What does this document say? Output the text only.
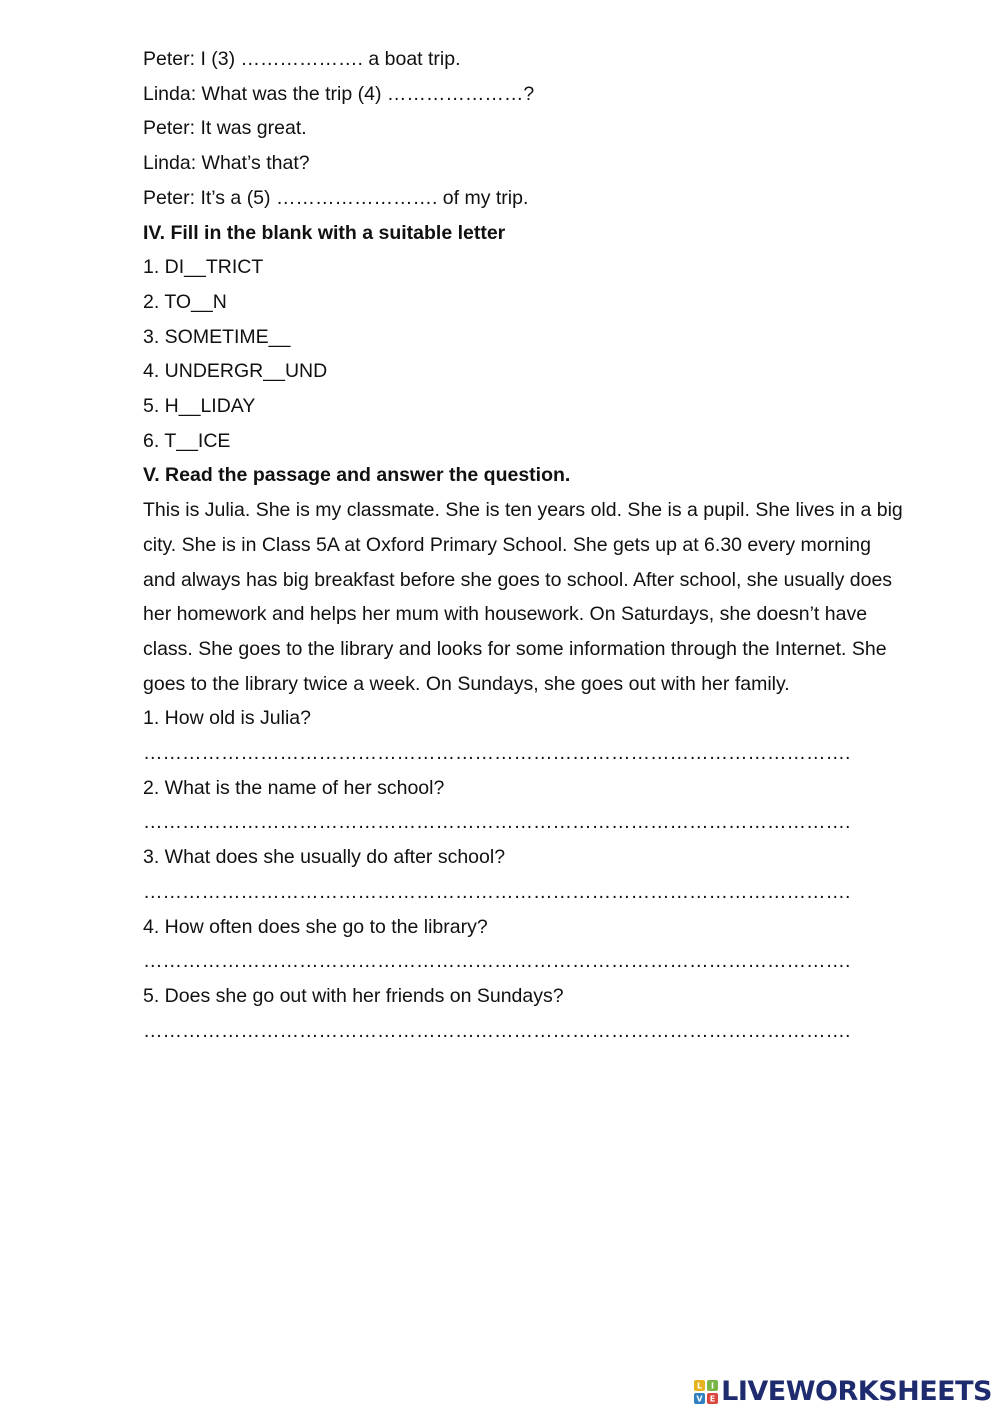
Peter: I (3) ………………. a boat trip.

Linda: What was the trip (4) …………………?

Peter: It was great.

Linda: What’s that?

Peter: It’s a (5) ……………………. of my trip.

IV. Fill in the blank with a suitable letter

1. DI__TRICT

2. TO__N

3. SOMETIME__

4. UNDERGR__UND

5. H__LIDAY

6. T__ICE

V. Read the passage and answer the question.

This is Julia. She is my classmate. She is ten years old. She is a pupil. She lives in a big city. She is in Class 5A at Oxford Primary School. She gets up at 6.30 every morning and always has big breakfast before she goes to school. After school, she usually does her homework and helps her mum with housework. On Saturdays, she doesn’t have class. She goes to the library and looks for some information through the Internet. She goes to the library twice a week. On Sundays, she goes out with her family.

1. How old is Julia?

……………………………………………………………………………………………….

2. What is the name of her school?

……………………………………………………………………………………………….

3. What does she usually do after school?

……………………………………………………………………………………………….

4. How often does she go to the library?

……………………………………………………………………………………………….

5. Does she go out with her friends on Sundays?

……………………………………………………………………………………………….

L I
V E LIVEWORKSHEETS
